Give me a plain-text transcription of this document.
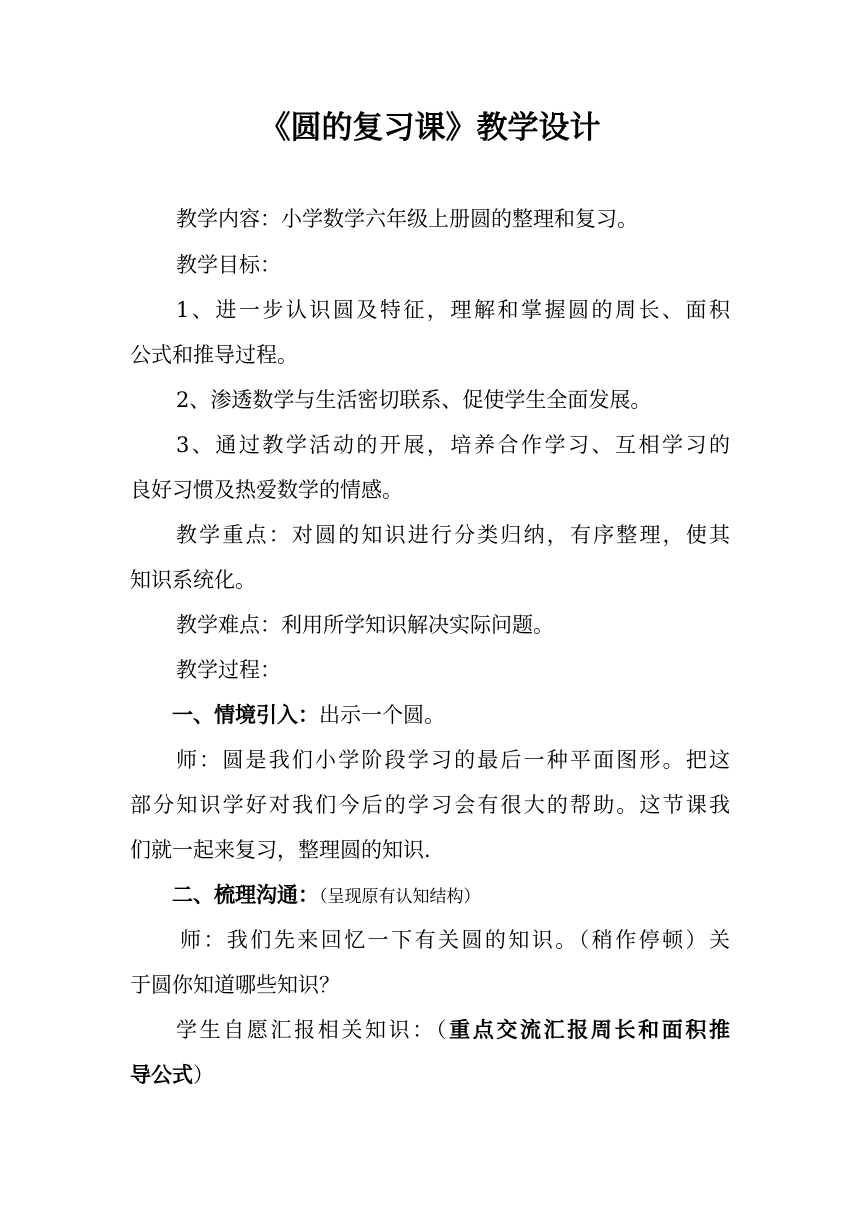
《圆的复习课》教学设计
教学内容：小学数学六年级上册圆的整理和复习。
教学目标：
1、进一步认识圆及特征，理解和掌握圆的周长、面积
公式和推导过程。
2、渗透数学与生活密切联系、促使学生全面发展。
3、通过教学活动的开展，培养合作学习、互相学习的
良好习惯及热爱数学的情感。
教学重点：对圆的知识进行分类归纳，有序整理，使其
知识系统化。
教学难点：利用所学知识解决实际问题。
教学过程：
一、情境引入：出示一个圆。
师：圆是我们小学阶段学习的最后一种平面图形。把这
部分知识学好对我们今后的学习会有很大的帮助。这节课我
们就一起来复习，整理圆的知识.
二、梳理沟通：（呈现原有认知结构）
师：我们先来回忆一下有关圆的知识。（稍作停顿）关
于圆你知道哪些知识？
学生自愿汇报相关知识：（重点交流汇报周长和面积推
导公式）
